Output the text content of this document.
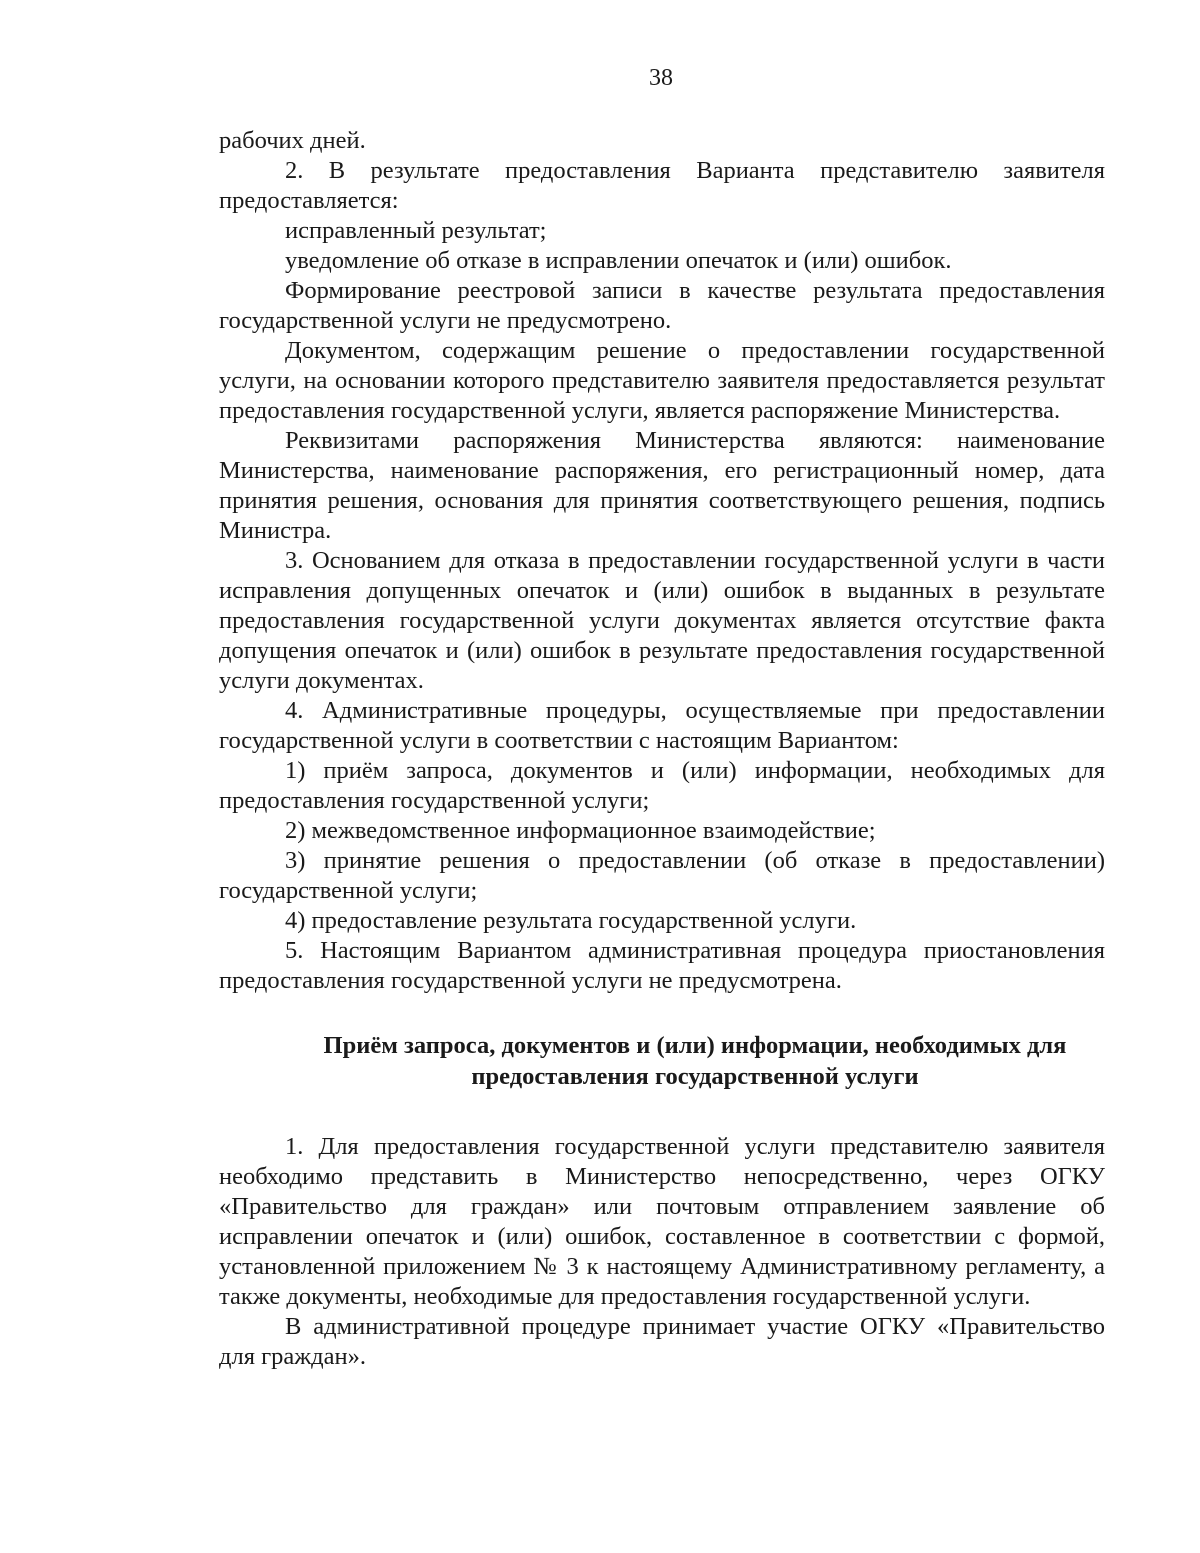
38

рабочих дней.

2. В результате предоставления Варианта представителю заявителя предоставляется:

исправленный результат;

уведомление об отказе в исправлении опечаток и (или) ошибок.

Формирование реестровой записи в качестве результата предоставления государственной услуги не предусмотрено.

Документом, содержащим решение о предоставлении государственной услуги, на основании которого представителю заявителя предоставляется результат предоставления государственной услуги, является распоряжение Министерства.

Реквизитами распоряжения Министерства являются: наименование Министерства, наименование распоряжения, его регистрационный номер, дата принятия решения, основания для принятия соответствующего решения, подпись Министра.

3. Основанием для отказа в предоставлении государственной услуги в части исправления допущенных опечаток и (или) ошибок в выданных в результате предоставления государственной услуги документах является отсутствие факта допущения опечаток и (или) ошибок в результате предоставления государственной услуги документах.

4. Административные процедуры, осуществляемые при предоставлении государственной услуги в соответствии с настоящим Вариантом:

1) приём запроса, документов и (или) информации, необходимых для предоставления государственной услуги;

2) межведомственное информационное взаимодействие;

3) принятие решения о предоставлении (об отказе в предоставлении) государственной услуги;

4) предоставление результата государственной услуги.

5. Настоящим Вариантом административная процедура приостановления предоставления государственной услуги не предусмотрена.

Приём запроса, документов и (или) информации, необходимых для
предоставления государственной услуги

1. Для предоставления государственной услуги представителю заявителя необходимо представить в Министерство непосредственно, через ОГКУ «Правительство для граждан» или почтовым отправлением заявление об исправлении опечаток и (или) ошибок, составленное в соответствии с формой, установленной приложением № 3 к настоящему Административному регламенту, а также документы, необходимые для предоставления государственной услуги.

В административной процедуре принимает участие ОГКУ «Правительство для граждан».
